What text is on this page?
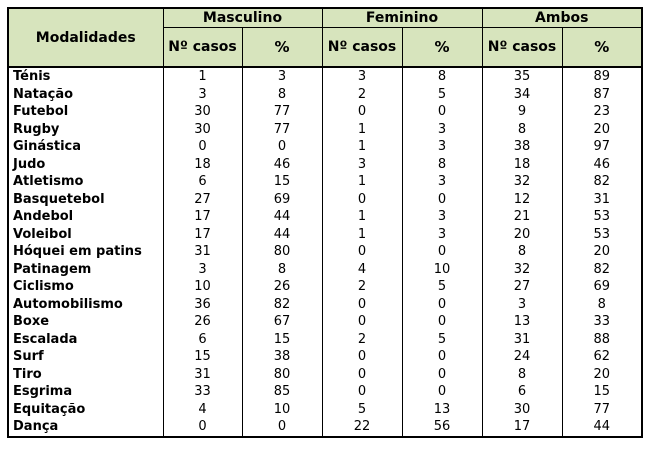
Modalidades	Masculino		Feminino		Ambos	
	Nº casos	%	Nº casos	%	Nº casos	%
Ténis	1	3	3	8	35	89
Natação	3	8	2	5	34	87
Futebol	30	77	0	0	9	23
Rugby	30	77	1	3	8	20
Ginástica	0	0	1	3	38	97
Judo	18	46	3	8	18	46
Atletismo	6	15	1	3	32	82
Basquetebol	27	69	0	0	12	31
Andebol	17	44	1	3	21	53
Voleibol	17	44	1	3	20	53
Hóquei em patins	31	80	0	0	8	20
Patinagem	3	8	4	10	32	82
Ciclismo	10	26	2	5	27	69
Automobilismo	36	82	0	0	3	8
Boxe	26	67	0	0	13	33
Escalada	6	15	2	5	31	88
Surf	15	38	0	0	24	62
Tiro	31	80	0	0	8	20
Esgrima	33	85	0	0	6	15
Equitação	4	10	5	13	30	77
Dança	0	0	22	56	17	44
